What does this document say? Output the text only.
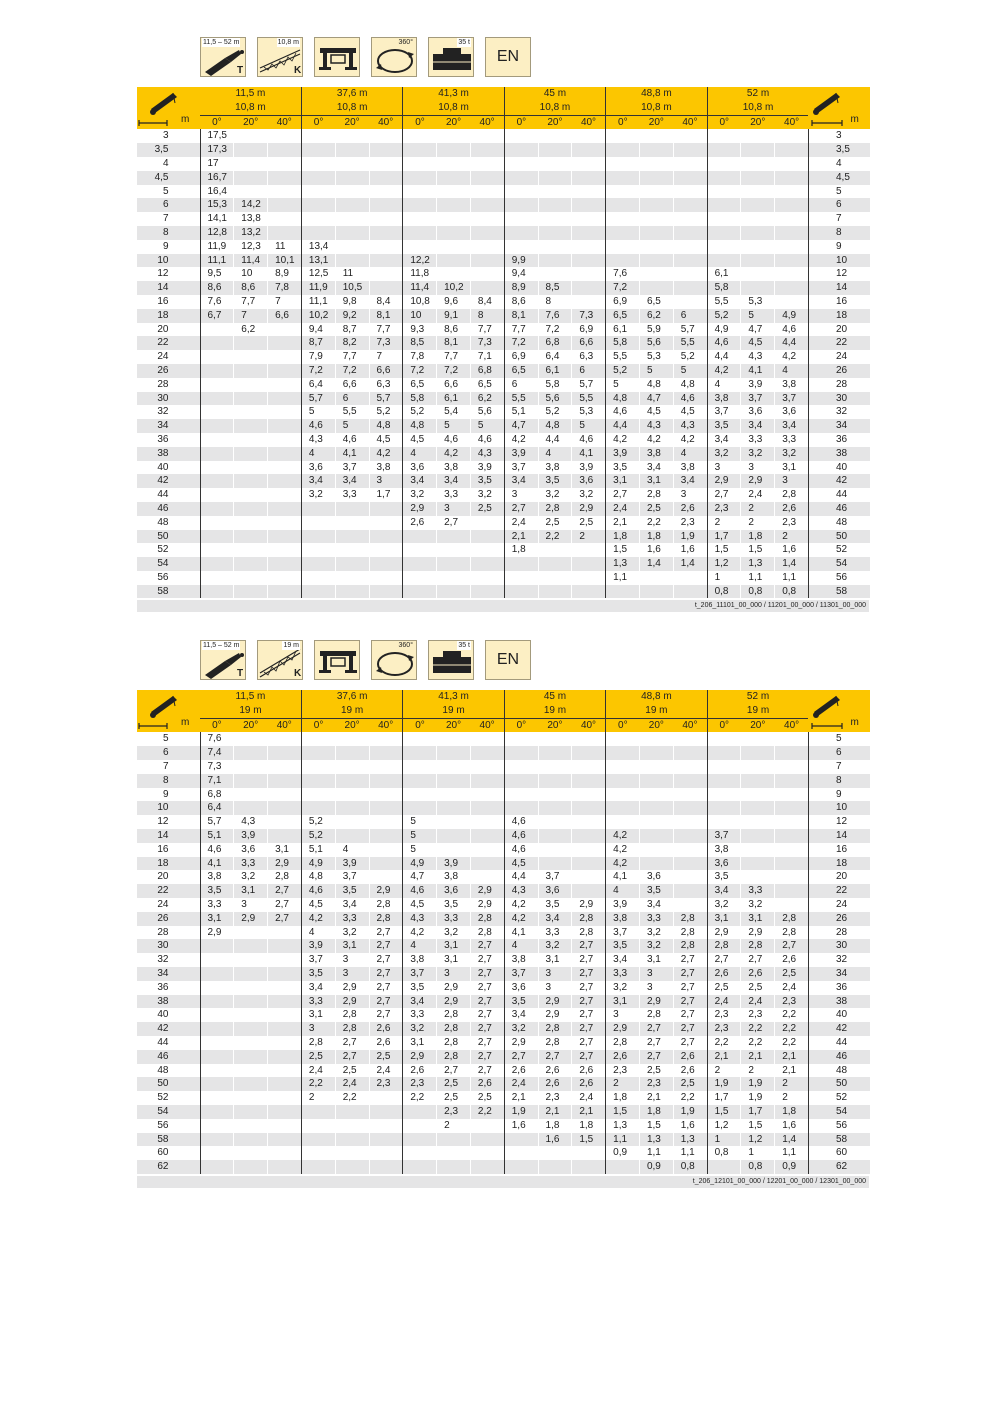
11,5 – 52 m
T
10,8 m
K
360°	35 t
EN
m	11,5 m			37,6 m			41,3 m			45 m			48,8 m			52 m			m

	10,8 m			10,8 m			10,8 m			10,8 m			10,8 m			10,8 m			
	0°	20°	40°	0°	20°	40°	0°	20°	40°	0°	20°	40°	0°	20°	40°	0°	20°	40°	
3	17,5																		3
3,5	17,3																		3,5
4	17																		4
4,5	16,7																		4,5
5	16,4																		5
6	15,3	14,2																	6
7	14,1	13,8																	7
8	12,8	13,2																	8
9	11,9	12,3	11	13,4															9
10	11,1	11,4	10,1	13,1			12,2			9,9									10
12	9,5	10	8,9	12,5	11		11,8			9,4			7,6			6,1			12
14	8,6	8,6	7,8	11,9	10,5		11,4	10,2		8,9	8,5		7,2			5,8			14
16	7,6	7,7	7	11,1	9,8	8,4	10,8	9,6	8,4	8,6	8		6,9	6,5		5,5	5,3		16
18	6,7	7	6,6	10,2	9,2	8,1	10	9,1	8	8,1	7,6	7,3	6,5	6,2	6	5,2	5	4,9	18
20		6,2		9,4	8,7	7,7	9,3	8,6	7,7	7,7	7,2	6,9	6,1	5,9	5,7	4,9	4,7	4,6	20
22				8,7	8,2	7,3	8,5	8,1	7,3	7,2	6,8	6,6	5,8	5,6	5,5	4,6	4,5	4,4	22
24				7,9	7,7	7	7,8	7,7	7,1	6,9	6,4	6,3	5,5	5,3	5,2	4,4	4,3	4,2	24
26				7,2	7,2	6,6	7,2	7,2	6,8	6,5	6,1	6	5,2	5	5	4,2	4,1	4	26
28				6,4	6,6	6,3	6,5	6,6	6,5	6	5,8	5,7	5	4,8	4,8	4	3,9	3,8	28
30				5,7	6	5,7	5,8	6,1	6,2	5,5	5,6	5,5	4,8	4,7	4,6	3,8	3,7	3,7	30
32				5	5,5	5,2	5,2	5,4	5,6	5,1	5,2	5,3	4,6	4,5	4,5	3,7	3,6	3,6	32
34				4,6	5	4,8	4,8	5	5	4,7	4,8	5	4,4	4,3	4,3	3,5	3,4	3,4	34
36				4,3	4,6	4,5	4,5	4,6	4,6	4,2	4,4	4,6	4,2	4,2	4,2	3,4	3,3	3,3	36
38				4	4,1	4,2	4	4,2	4,3	3,9	4	4,1	3,9	3,8	4	3,2	3,2	3,2	38
40				3,6	3,7	3,8	3,6	3,8	3,9	3,7	3,8	3,9	3,5	3,4	3,8	3	3	3,1	40
42				3,4	3,4	3	3,4	3,4	3,5	3,4	3,5	3,6	3,1	3,1	3,4	2,9	2,9	3	42
44				3,2	3,3	1,7	3,2	3,3	3,2	3	3,2	3,2	2,7	2,8	3	2,7	2,4	2,8	44
46							2,9	3	2,5	2,7	2,8	2,9	2,4	2,5	2,6	2,3	2	2,6	46
48							2,6	2,7		2,4	2,5	2,5	2,1	2,2	2,3	2	2	2,3	48
50										2,1	2,2	2	1,8	1,8	1,9	1,7	1,8	2	50
52										1,8			1,5	1,6	1,6	1,5	1,5	1,6	52
54													1,3	1,4	1,4	1,2	1,3	1,4	54
56													1,1			1	1,1	1,1	56
58																0,8	0,8	0,8	58
t_206_11101_00_000 / 11201_00_000 / 11301_00_000
11,5 – 52 m
T
19 m
K
360°	35 t
EN
m	11,5 m			37,6 m			41,3 m			45 m			48,8 m			52 m			m

	19 m			19 m			19 m			19 m			19 m			19 m			
	0°	20°	40°	0°	20°	40°	0°	20°	40°	0°	20°	40°	0°	20°	40°	0°	20°	40°	
5	7,6																		5
6	7,4																		6
7	7,3																		7
8	7,1																		8
9	6,8																		9
10	6,4																		10
12	5,7	4,3		5,2			5			4,6									12
14	5,1	3,9		5,2			5			4,6			4,2			3,7			14
16	4,6	3,6	3,1	5,1	4		5			4,6			4,2			3,8			16
18	4,1	3,3	2,9	4,9	3,9		4,9	3,9		4,5			4,2			3,6			18
20	3,8	3,2	2,8	4,8	3,7		4,7	3,8		4,4	3,7		4,1	3,6		3,5			20
22	3,5	3,1	2,7	4,6	3,5	2,9	4,6	3,6	2,9	4,3	3,6		4	3,5		3,4	3,3		22
24	3,3	3	2,7	4,5	3,4	2,8	4,5	3,5	2,9	4,2	3,5	2,9	3,9	3,4		3,2	3,2		24
26	3,1	2,9	2,7	4,2	3,3	2,8	4,3	3,3	2,8	4,2	3,4	2,8	3,8	3,3	2,8	3,1	3,1	2,8	26
28	2,9			4	3,2	2,7	4,2	3,2	2,8	4,1	3,3	2,8	3,7	3,2	2,8	2,9	2,9	2,8	28
30				3,9	3,1	2,7	4	3,1	2,7	4	3,2	2,7	3,5	3,2	2,8	2,8	2,8	2,7	30
32				3,7	3	2,7	3,8	3,1	2,7	3,8	3,1	2,7	3,4	3,1	2,7	2,7	2,7	2,6	32
34				3,5	3	2,7	3,7	3	2,7	3,7	3	2,7	3,3	3	2,7	2,6	2,6	2,5	34
36				3,4	2,9	2,7	3,5	2,9	2,7	3,6	3	2,7	3,2	3	2,7	2,5	2,5	2,4	36
38				3,3	2,9	2,7	3,4	2,9	2,7	3,5	2,9	2,7	3,1	2,9	2,7	2,4	2,4	2,3	38
40				3,1	2,8	2,7	3,3	2,8	2,7	3,4	2,9	2,7	3	2,8	2,7	2,3	2,3	2,2	40
42				3	2,8	2,6	3,2	2,8	2,7	3,2	2,8	2,7	2,9	2,7	2,7	2,3	2,2	2,2	42
44				2,8	2,7	2,6	3,1	2,8	2,7	2,9	2,8	2,7	2,8	2,7	2,7	2,2	2,2	2,2	44
46				2,5	2,7	2,5	2,9	2,8	2,7	2,7	2,7	2,7	2,6	2,7	2,6	2,1	2,1	2,1	46
48				2,4	2,5	2,4	2,6	2,7	2,7	2,6	2,6	2,6	2,3	2,5	2,6	2	2	2,1	48
50				2,2	2,4	2,3	2,3	2,5	2,6	2,4	2,6	2,6	2	2,3	2,5	1,9	1,9	2	50
52				2	2,2		2,2	2,5	2,5	2,1	2,3	2,4	1,8	2,1	2,2	1,7	1,9	2	52
54								2,3	2,2	1,9	2,1	2,1	1,5	1,8	1,9	1,5	1,7	1,8	54
56								2		1,6	1,8	1,8	1,3	1,5	1,6	1,2	1,5	1,6	56
58											1,6	1,5	1,1	1,3	1,3	1	1,2	1,4	58
60													0,9	1,1	1,1	0,8	1	1,1	60
62														0,9	0,8		0,8	0,9	62
t_206_12101_00_000 / 12201_00_000 / 12301_00_000
